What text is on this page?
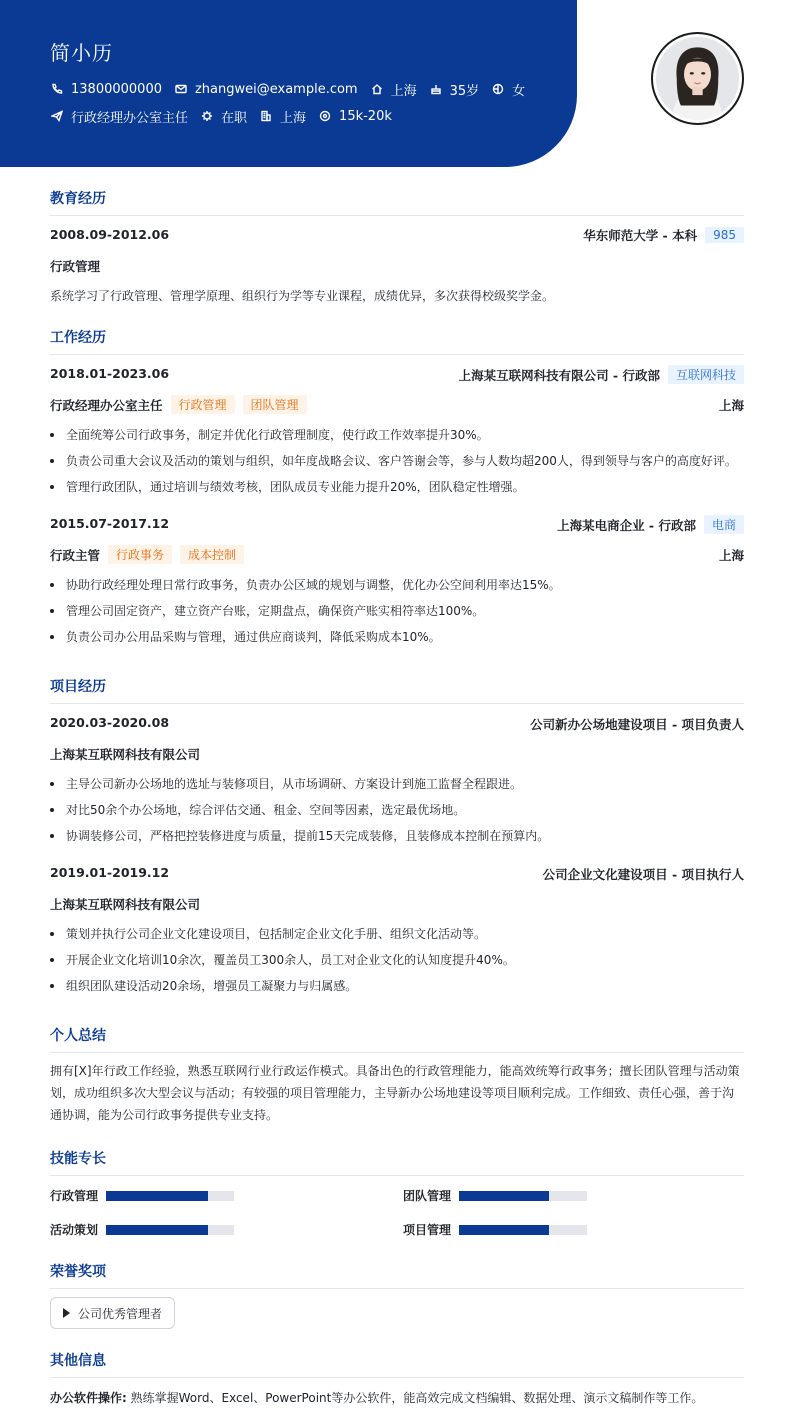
简小历
13800000000	zhangwei@example.com	上海	35岁	女
行政经理办公室主任	在职	上海	15k-20k
教育经历
2008.09-2012.06	华东师范大学 - 本科	985
行政管理
系统学习了行政管理、管理学原理、组织行为学等专业课程，成绩优异，多次获得校级奖学金。
工作经历
2018.01-2023.06	上海某互联网科技有限公司 - 行政部	互联网科技
行政经理办公室主任	行政管理	团队管理	上海
全面统筹公司行政事务，制定并优化行政管理制度，使行政工作效率提升30%。
负责公司重大会议及活动的策划与组织，如年度战略会议、客户答谢会等，参与人数均超200人，得到领导与客户的高度好评。
管理行政团队，通过培训与绩效考核，团队成员专业能力提升20%，团队稳定性增强。
2015.07-2017.12	上海某电商企业 - 行政部	电商
行政主管	行政事务	成本控制	上海
协助行政经理处理日常行政事务，负责办公区域的规划与调整，优化办公空间利用率达15%。
管理公司固定资产，建立资产台账，定期盘点，确保资产账实相符率达100%。
负责公司办公用品采购与管理，通过供应商谈判，降低采购成本10%。
项目经历
2020.03-2020.08	公司新办公场地建设项目 - 项目负责人
上海某互联网科技有限公司
主导公司新办公场地的选址与装修项目，从市场调研、方案设计到施工监督全程跟进。
对比50余个办公场地，综合评估交通、租金、空间等因素，选定最优场地。
协调装修公司，严格把控装修进度与质量，提前15天完成装修，且装修成本控制在预算内。
2019.01-2019.12	公司企业文化建设项目 - 项目执行人
上海某互联网科技有限公司
策划并执行公司企业文化建设项目，包括制定企业文化手册、组织文化活动等。
开展企业文化培训10余次，覆盖员工300余人，员工对企业文化的认知度提升40%。
组织团队建设活动20余场，增强员工凝聚力与归属感。
个人总结
拥有[X]年行政工作经验，熟悉互联网行业行政运作模式。具备出色的行政管理能力，能高效统筹行政事务；擅长团队管理与活动策划，成功组织多次大型会议与活动；有较强的项目管理能力，主导新办公场地建设等项目顺利完成。工作细致、责任心强，善于沟通协调，能为公司行政事务提供专业支持。
技能专长
行政管理	团队管理
活动策划	项目管理
荣誉奖项
公司优秀管理者
其他信息
办公软件操作: 熟练掌握Word、Excel、PowerPoint等办公软件，能高效完成文档编辑、数据处理、演示文稿制作等工作。
